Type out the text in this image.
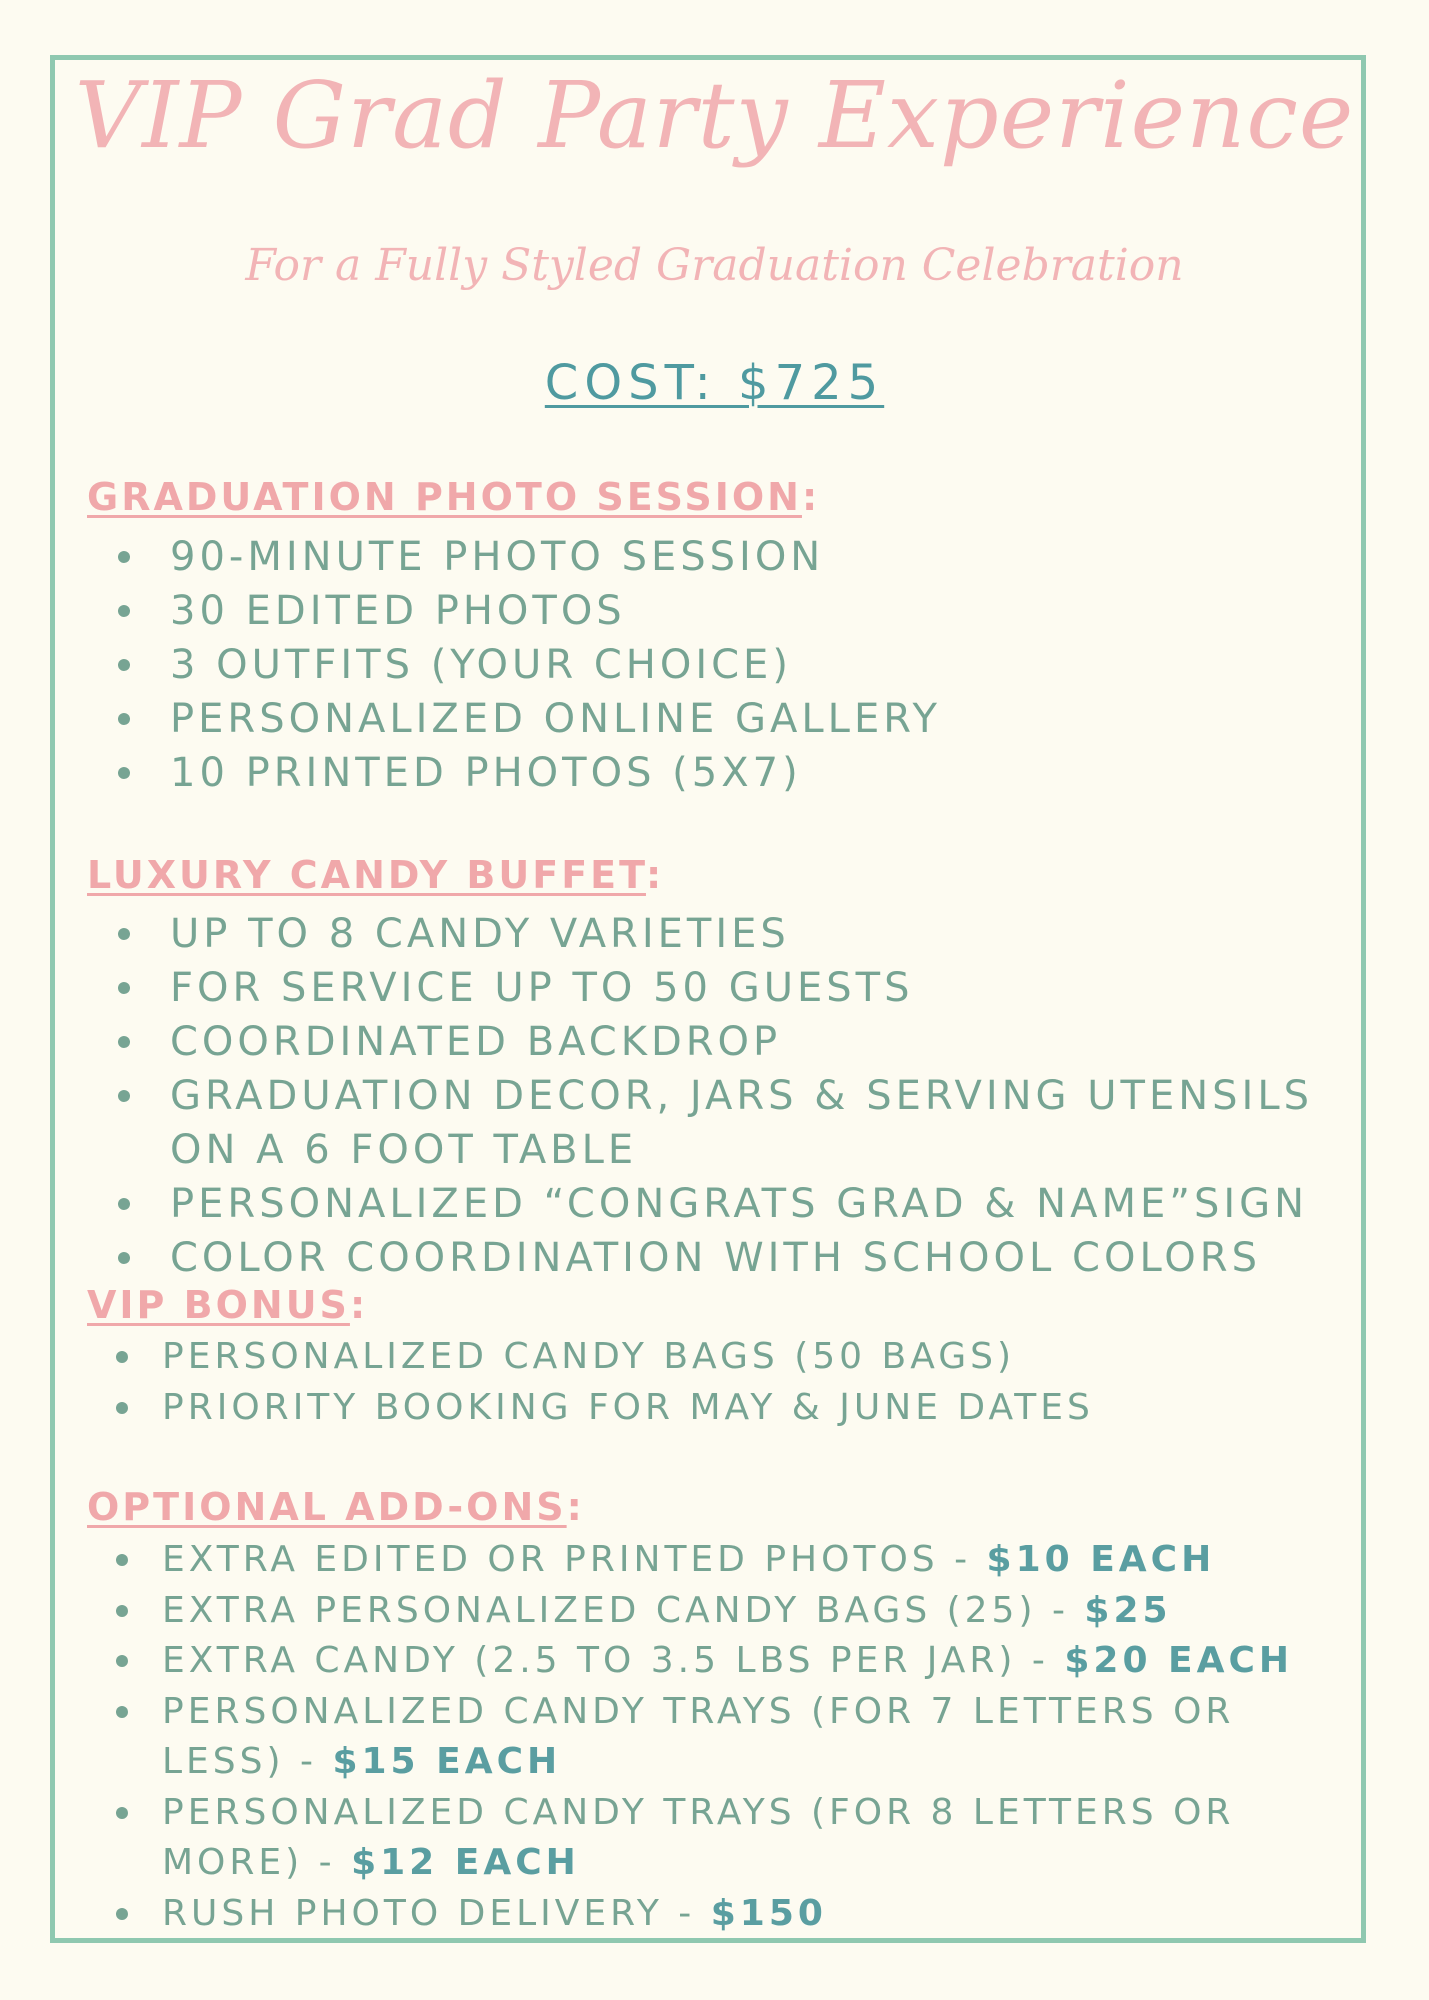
VIP Grad Party Experience
For a Fully Styled Graduation Celebration
COST: $725
GRADUATION PHOTO SESSION:
90-MINUTE PHOTO SESSION
30 EDITED PHOTOS
3 OUTFITS (YOUR CHOICE)
PERSONALIZED ONLINE GALLERY
10 PRINTED PHOTOS (5X7)
LUXURY CANDY BUFFET:
UP TO 8 CANDY VARIETIES
FOR SERVICE UP TO 50 GUESTS
COORDINATED BACKDROP
GRADUATION DECOR, JARS & SERVING UTENSILS
ON A 6 FOOT TABLE
PERSONALIZED “CONGRATS GRAD & NAME”SIGN
COLOR COORDINATION WITH SCHOOL COLORS
VIP BONUS:
PERSONALIZED CANDY BAGS (50 BAGS)
PRIORITY BOOKING FOR MAY & JUNE DATES
OPTIONAL ADD-ONS:
EXTRA EDITED OR PRINTED PHOTOS - $10 EACH
EXTRA PERSONALIZED CANDY BAGS (25) - $25
EXTRA CANDY (2.5 TO 3.5 LBS PER JAR) - $20 EACH
PERSONALIZED CANDY TRAYS (FOR 7 LETTERS OR
LESS) - $15 EACH
PERSONALIZED CANDY TRAYS (FOR 8 LETTERS OR
MORE) - $12 EACH
RUSH PHOTO DELIVERY - $150
